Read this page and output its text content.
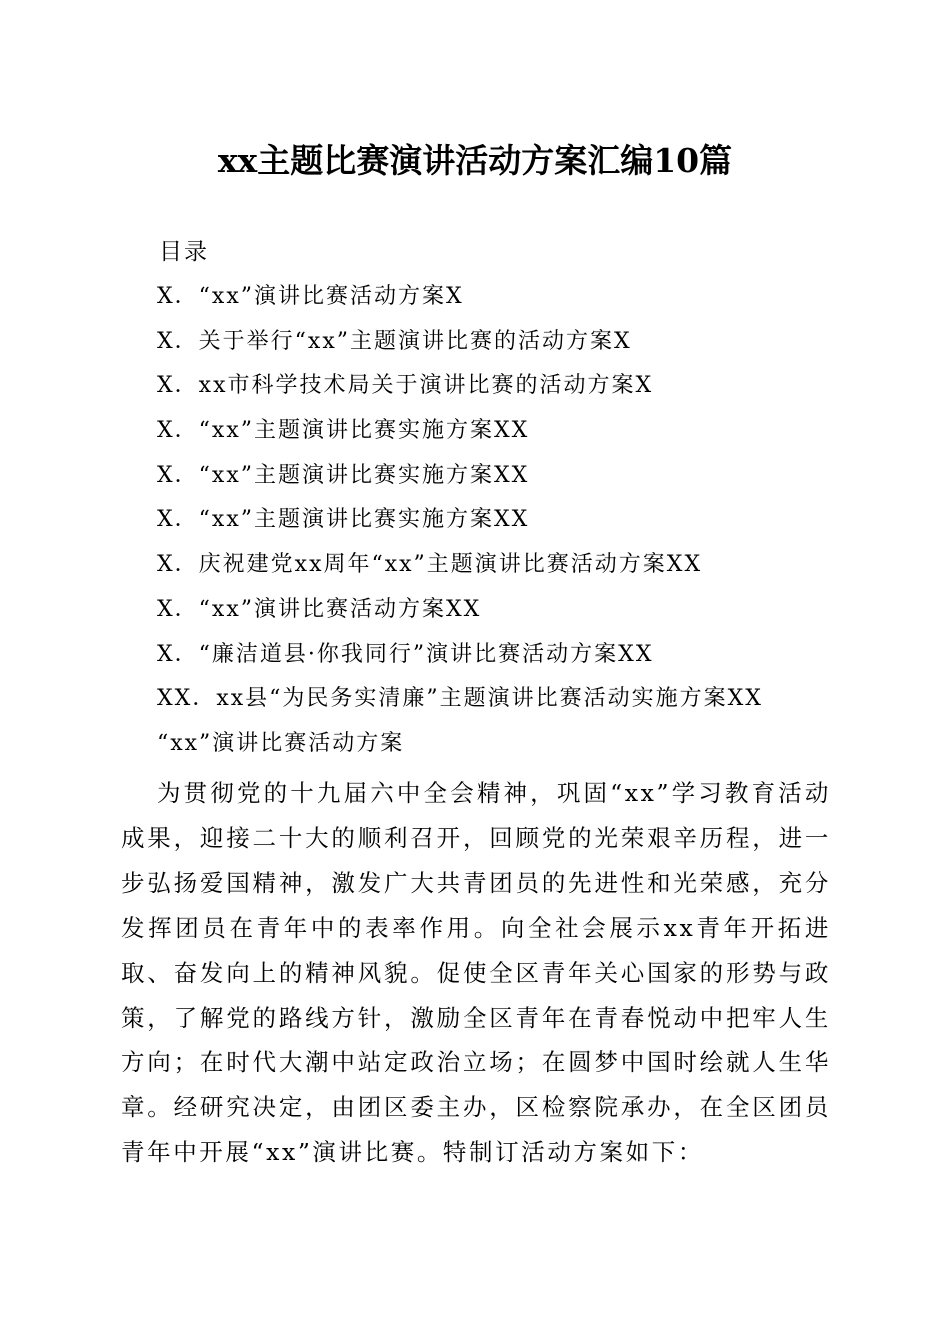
xx主题比赛演讲活动方案汇编10篇
目录
X．“xx”演讲比赛活动方案X
X．关于举行“xx”主题演讲比赛的活动方案X
X．xx市科学技术局关于演讲比赛的活动方案X
X．“xx”主题演讲比赛实施方案XX
X．“xx”主题演讲比赛实施方案XX
X．“xx”主题演讲比赛实施方案XX
X．庆祝建党xx周年“xx”主题演讲比赛活动方案XX
X．“xx”演讲比赛活动方案XX
X．“廉洁道县·你我同行”演讲比赛活动方案XX
XX．xx县“为民务实清廉”主题演讲比赛活动实施方案XX
“xx”演讲比赛活动方案

为贯彻党的十九届六中全会精神，巩固“xx”学习教育活动成果，迎接二十大的顺利召开，回顾党的光荣艰辛历程，进一步弘扬爱国精神，激发广大共青团员的先进性和光荣感，充分发挥团员在青年中的表率作用。向全社会展示xx青年开拓进取、奋发向上的精神风貌。促使全区青年关心国家的形势与政策，了解党的路线方针，激励全区青年在青春悦动中把牢人生方向；在时代大潮中站定政治立场；在圆梦中国时绘就人生华章。经研究决定，由团区委主办，区检察院承办，在全区团员青年中开展“xx”演讲比赛。特制订活动方案如下：
